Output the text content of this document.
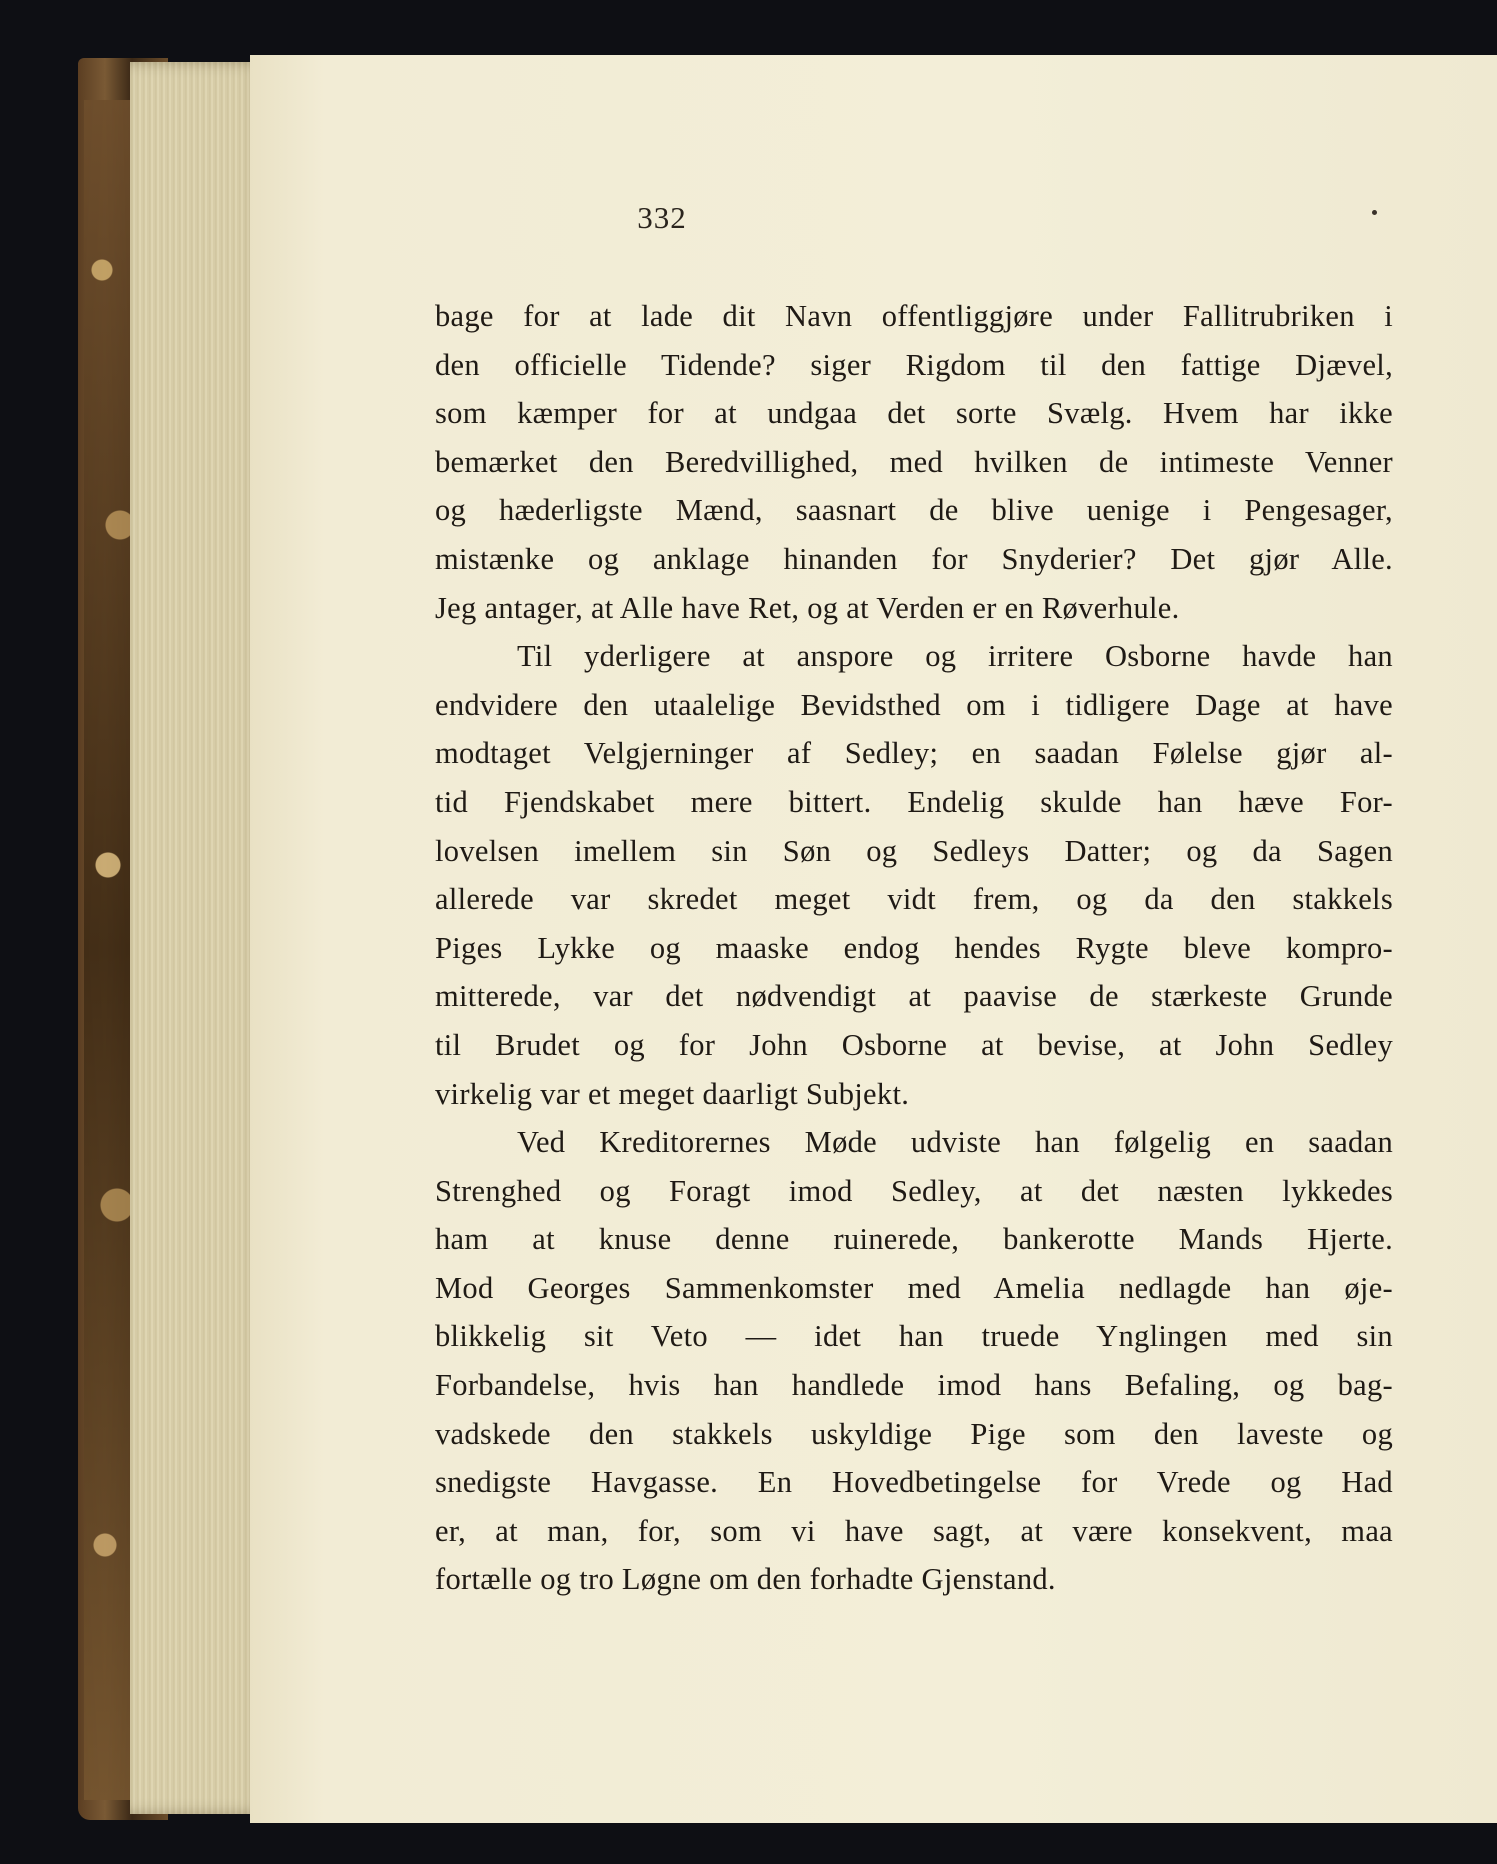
332
bage for at lade dit Navn offentliggjøre under Fallitrubriken i
den officielle Tidende? siger Rigdom til den fattige Djævel,
som kæmper for at undgaa det sorte Svælg. Hvem har ikke
bemærket den Beredvillighed, med hvilken de intimeste Venner
og hæderligste Mænd, saasnart de blive uenige i Pengesager,
mistænke og anklage hinanden for Snyderier? Det gjør Alle.
Jeg antager, at Alle have Ret, og at Verden er en Røverhule.
Til yderligere at anspore og irritere Osborne havde han
endvidere den utaalelige Bevidsthed om i tidligere Dage at have
modtaget Velgjerninger af Sedley; en saadan Følelse gjør al-
tid Fjendskabet mere bittert. Endelig skulde han hæve For-
lovelsen imellem sin Søn og Sedleys Datter; og da Sagen
allerede var skredet meget vidt frem, og da den stakkels
Piges Lykke og maaske endog hendes Rygte bleve kompro-
mitterede, var det nødvendigt at paavise de stærkeste Grunde
til Brudet og for John Osborne at bevise, at John Sedley
virkelig var et meget daarligt Subjekt.
Ved Kreditorernes Møde udviste han følgelig en saadan
Strenghed og Foragt imod Sedley, at det næsten lykkedes
ham at knuse denne ruinerede, bankerotte Mands Hjerte.
Mod Georges Sammenkomster med Amelia nedlagde han øje-
blikkelig sit Veto — idet han truede Ynglingen med sin
Forbandelse, hvis han handlede imod hans Befaling, og bag-
vadskede den stakkels uskyldige Pige som den laveste og
snedigste Havgasse. En Hovedbetingelse for Vrede og Had
er, at man, for, som vi have sagt, at være konsekvent, maa
fortælle og tro Løgne om den forhadte Gjenstand.
